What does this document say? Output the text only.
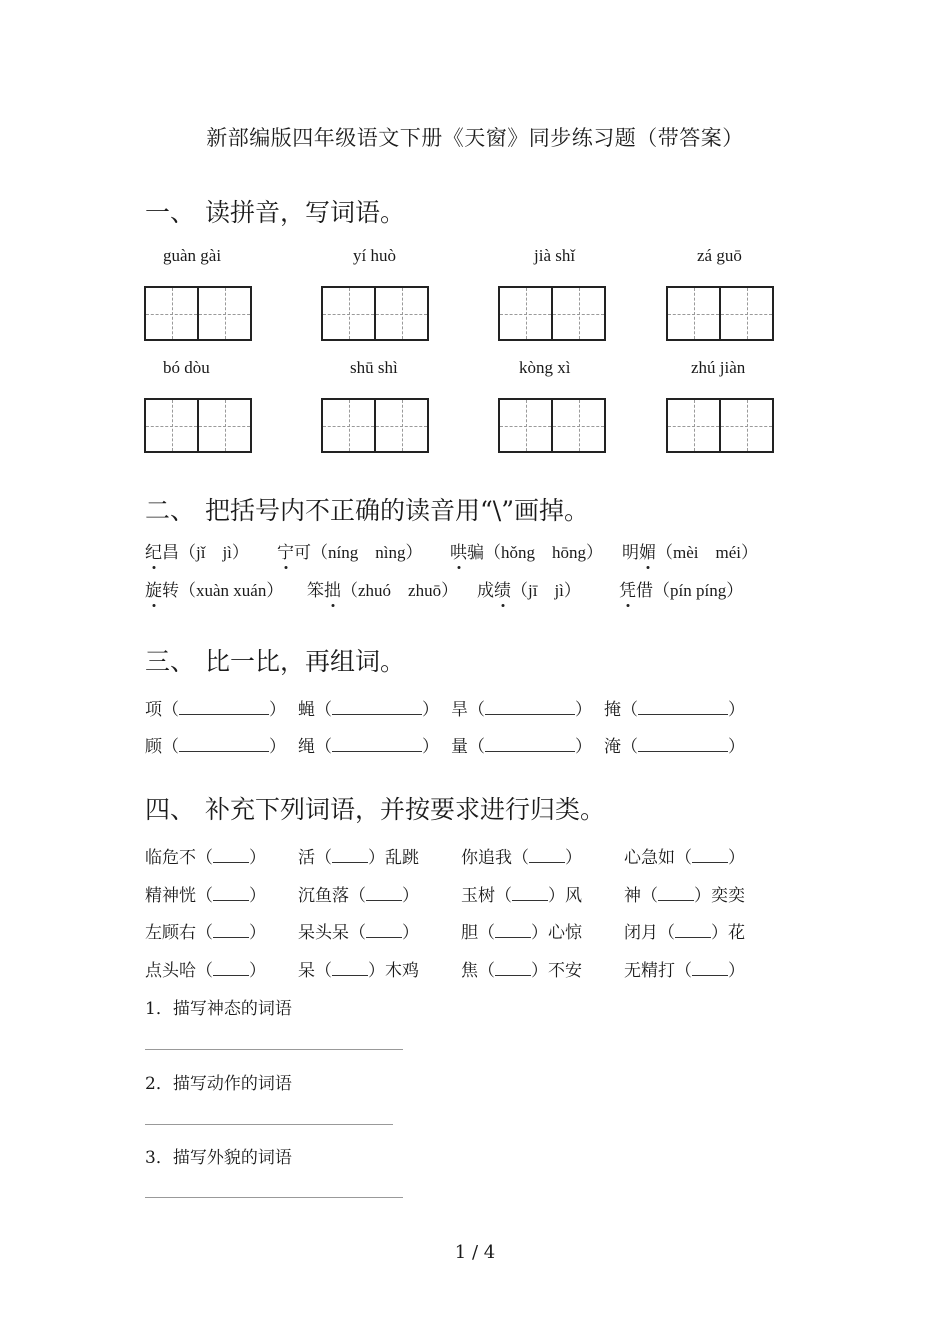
新部编版四年级语文下册《天窗》同步练习题（带答案）
一、 读拼音，写词语。
guàn gài	yí huò	jià shǐ	zá guō
bó dòu	shū shì	kòng xì	zhú jiàn
二、 把括号内不正确的读音用“\”画掉。
纪昌（jǐ　jì） 宁可（níng　nìng） 哄骗（hǒng　hōng） 明媚（mèi　méi）
旋转（xuàn xuán） 笨拙（zhuó　zhuō） 成绩（jī　jì） 凭借（pín píng）
三、 比一比，再组词。
项（	） 蝇（	） 旱（	） 掩（	）
顾（	） 绳（	） 量（	） 淹（	）
四、 补充下列词语，并按要求进行归类。
临危不（ ） 活（ ）乱跳 你追我（ ） 心急如（ ）
精神恍（ ） 沉鱼落（ ） 玉树（ ）风 神（ ）奕奕
左顾右（ ） 呆头呆（ ） 胆（ ）心惊 闭月（ ）花
点头哈（ ） 呆（ ）木鸡 焦（ ）不安 无精打（ ）
1．描写神态的词语
2．描写动作的词语
3．描写外貌的词语
1 / 4
